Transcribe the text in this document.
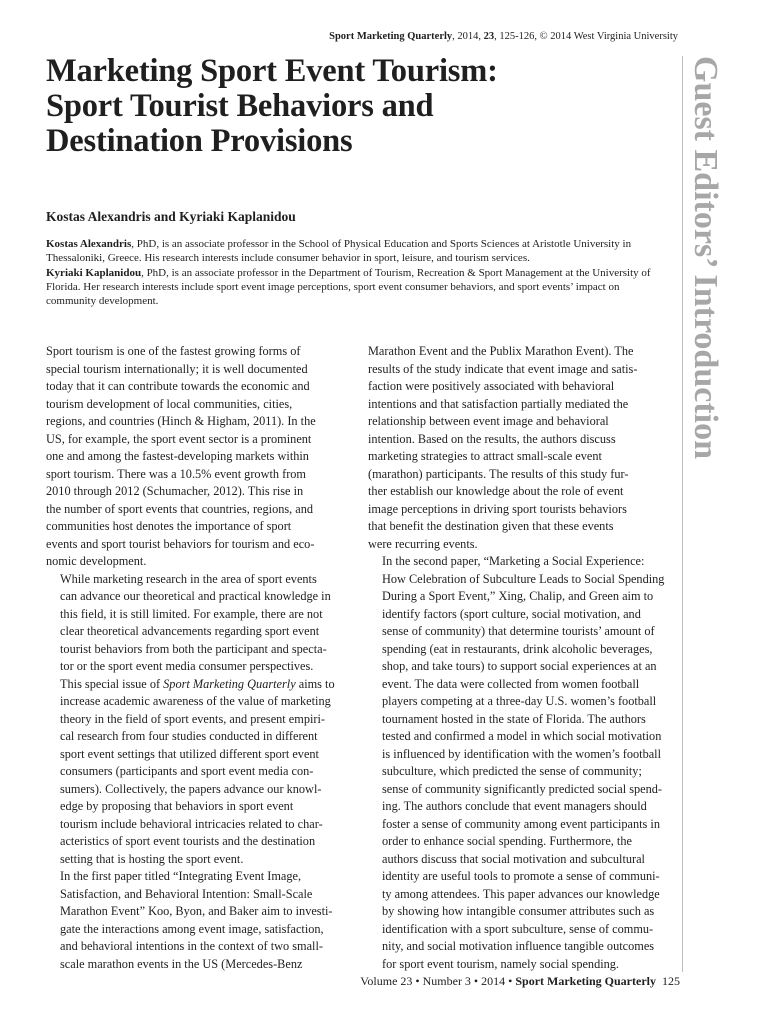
Sport Marketing Quarterly, 2014, 23, 125-126, © 2014 West Virginia University
Marketing Sport Event Tourism:
Sport Tourist Behaviors and
Destination Provisions
Kostas Alexandris and Kyriaki Kaplanidou

Kostas Alexandris, PhD, is an associate professor in the School of Physical Education and Sports Sciences at Aristotle University in Thessaloniki, Greece. His research interests include consumer behavior in sport, leisure, and tourism services.

Kyriaki Kaplanidou, PhD, is an associate professor in the Department of Tourism, Recreation & Sport Management at the University of Florida. Her research interests include sport event image perceptions, sport event consumer behaviors, and sport events’ impact on community development.	Guest Editors’ Introduction

Sport tourism is one of the fastest growing forms of
special tourism internationally; it is well documented
today that it can contribute towards the economic and
tourism development of local communities, cities,
regions, and countries (Hinch & Higham, 2011). In the
US, for example, the sport event sector is a prominent
one and among the fastest-developing markets within
sport tourism. There was a 10.5% event growth from
2010 through 2012 (Schumacher, 2012). This rise in
the number of sport events that countries, regions, and
communities host denotes the importance of sport
events and sport tourist behaviors for tourism and eco-
nomic development.

While marketing research in the area of sport events
can advance our theoretical and practical knowledge in
this field, it is still limited. For example, there are not
clear theoretical advancements regarding sport event
tourist behaviors from both the participant and specta-
tor or the sport event media consumer perspectives.
This special issue of Sport Marketing Quarterly aims to
increase academic awareness of the value of marketing
theory in the field of sport events, and present empiri-
cal research from four studies conducted in different
sport event settings that utilized different sport event
consumers (participants and sport event media con-
sumers). Collectively, the papers advance our knowl-
edge by proposing that behaviors in sport event
tourism include behavioral intricacies related to char-
acteristics of sport event tourists and the destination
setting that is hosting the sport event.

In the first paper titled “Integrating Event Image,
Satisfaction, and Behavioral Intention: Small-Scale
Marathon Event” Koo, Byon, and Baker aim to investi-
gate the interactions among event image, satisfaction,
and behavioral intentions in the context of two small-
scale marathon events in the US (Mercedes-Benz

Marathon Event and the Publix Marathon Event). The
results of the study indicate that event image and satis-
faction were positively associated with behavioral
intentions and that satisfaction partially mediated the
relationship between event image and behavioral
intention. Based on the results, the authors discuss
marketing strategies to attract small-scale event
(marathon) participants. The results of this study fur-
ther establish our knowledge about the role of event
image perceptions in driving sport tourists behaviors
that benefit the destination given that these events
were recurring events.

In the second paper, “Marketing a Social Experience:
How Celebration of Subculture Leads to Social Spending
During a Sport Event,” Xing, Chalip, and Green aim to
identify factors (sport culture, social motivation, and
sense of community) that determine tourists’ amount of
spending (eat in restaurants, drink alcoholic beverages,
shop, and take tours) to support social experiences at an
event. The data were collected from women football
players competing at a three-day U.S. women’s football
tournament hosted in the state of Florida. The authors
tested and confirmed a model in which social motivation
is influenced by identification with the women’s football
subculture, which predicted the sense of community;
sense of community significantly predicted social spend-
ing. The authors conclude that event managers should
foster a sense of community among event participants in
order to enhance social spending. Furthermore, the
authors discuss that social motivation and subcultural
identity are useful tools to promote a sense of communi-
ty among attendees. This paper advances our knowledge
by showing how intangible consumer attributes such as
identification with a sport subculture, sense of commu-
nity, and social motivation influence tangible outcomes
for sport event tourism, namely social spending.

Volume 23 • Number 3 • 2014 • Sport Marketing Quarterly 125
